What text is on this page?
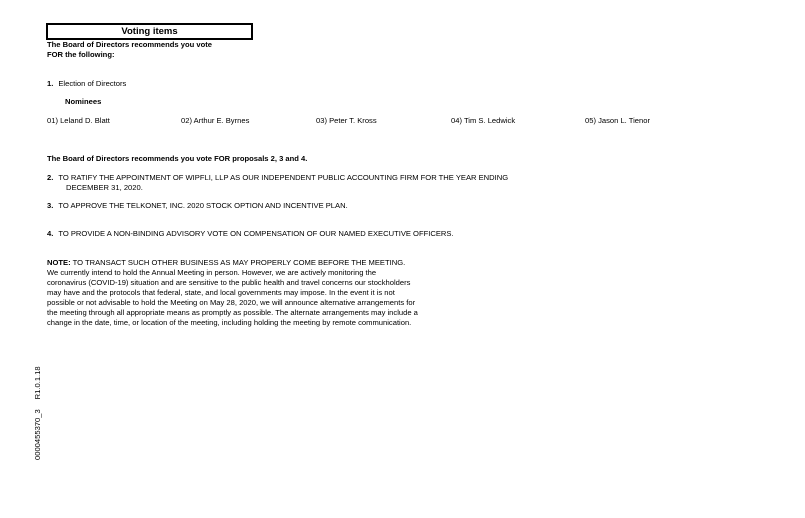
Voting items
The Board of Directors recommends you vote
FOR the following:
1. Election of Directors
Nominees
01) Leland D. Blatt	02) Arthur E. Byrnes	03) Peter T. Kross	04) Tim S. Ledwick	05) Jason L. Tienor
The Board of Directors recommends you vote FOR proposals 2, 3 and 4.
2. TO RATIFY THE APPOINTMENT OF WIPFLI, LLP AS OUR INDEPENDENT PUBLIC ACCOUNTING FIRM FOR THE YEAR ENDING
DECEMBER 31, 2020.
3. TO APPROVE THE TELKONET, INC. 2020 STOCK OPTION AND INCENTIVE PLAN.
4. TO PROVIDE A NON-BINDING ADVISORY VOTE ON COMPENSATION OF OUR NAMED EXECUTIVE OFFICERS.
NOTE: TO TRANSACT SUCH OTHER BUSINESS AS MAY PROPERLY COME BEFORE THE MEETING.
We currently intend to hold the Annual Meeting in person. However, we are actively monitoring the
coronavirus (COVID-19) situation and are sensitive to the public health and travel concerns our stockholders
may have and the protocols that federal, state, and local governments may impose. In the event it is not
possible or not advisable to hold the Meeting on May 28, 2020, we will announce alternative arrangements for
the meeting through all appropriate means as promptly as possible. The alternate arrangements may include a
change in the date, time, or location of the meeting, including holding the meeting by remote communication.
0000455370_3R1.0.1.18
